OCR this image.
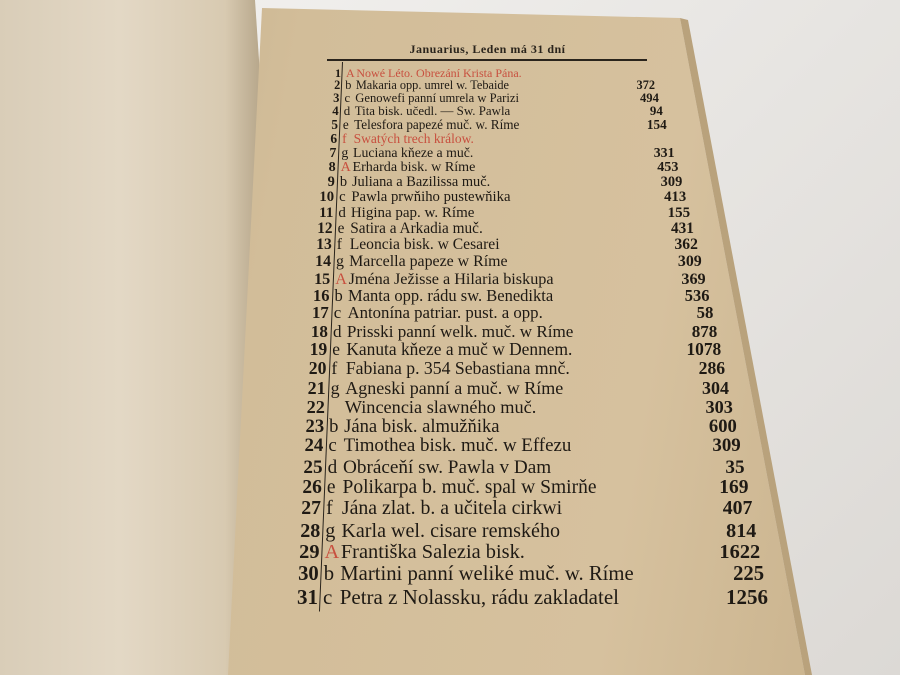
Januarius, Leden má 31 dní
1 A Nowé Léto. Obrezání Krista Pána.
2 b Makaria opp. umrel w. Tebaide	372
3 c Genowefi panní umrela w Parizi	494
4 d Tita bisk. učedl. — Sw. Pawla	94
5 e Telesfora papezé muč. w. Ríme	154
6 f Swatých trech králow.
7 g Luciana kňeze a muč.	331
8 A Erharda bisk. w Ríme	453
9 b Juliana a Bazilissa muč.	309
10 c Pawla prwňiho pustewňika	413
11 d Higina pap. w. Ríme	155
12 e Satira a Arkadia muč.	431
13 f Leoncia bisk. w Cesarei	362
14 g Marcella papeze w Ríme	309
15 A Jména Ježisse a Hilaria biskupa	369
16 b Manta opp. rádu sw. Benedikta	536
17 c Antonína patriar. pust. a opp.	58
18 d Prisski panní welk. muč. w Ríme	878
19 e Kanuta kňeze a muč w Dennem.	1078
20 f Fabiana p. 354 Sebastiana mnč.	286
21 g Agneski panní a muč. w Ríme	304
22 Wincencia slawného muč.	303
23 b Jána bisk. almužňika	600
24 c Timothea bisk. muč. w Effezu	309
25 d Obráceňí sw. Pawla v Dam	35
26 e Polikarpa b. muč. spal w Smirňe	169
27 f Jána zlat. b. a učitela cirkwi	407
28 g Karla wel. cisare remského	814
29 A Františka Salezia bisk.	1622
30 b Martini panní weliké muč. w. Ríme	225
31 c Petra z Nolassku, rádu zakladatel	1256
